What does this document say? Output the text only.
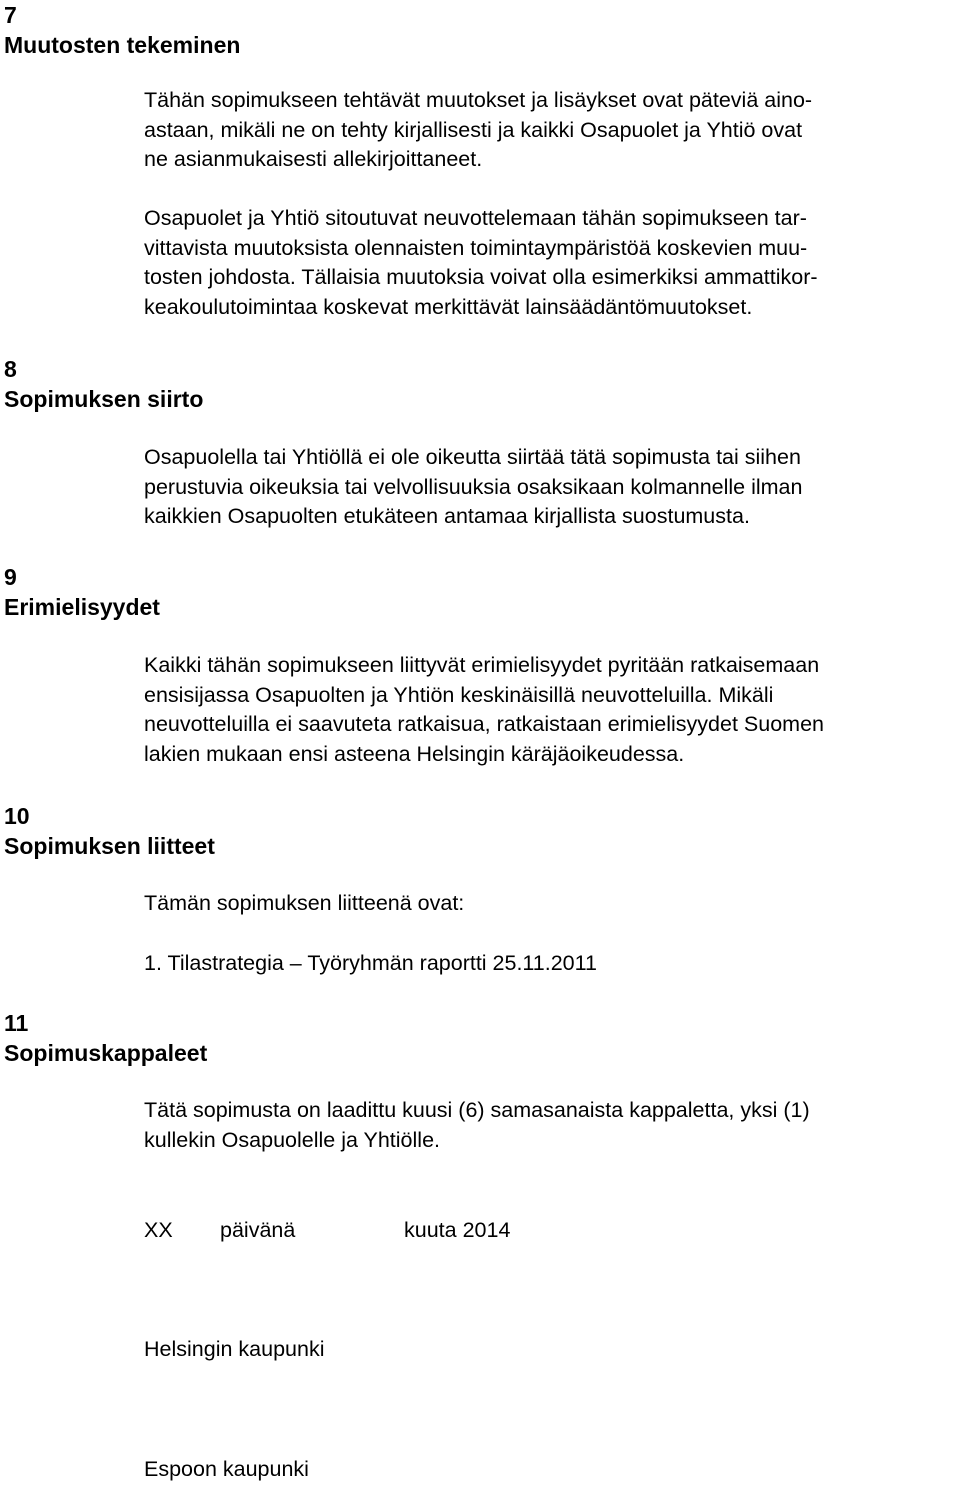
7
Muutosten tekeminen

Tähän sopimukseen tehtävät muutokset ja lisäykset ovat päteviä aino-
astaan, mikäli ne on tehty kirjallisesti ja kaikki Osapuolet ja Yhtiö ovat
ne asianmukaisesti allekirjoittaneet.

Osapuolet ja Yhtiö sitoutuvat neuvottelemaan tähän sopimukseen tar-
vittavista muutoksista olennaisten toimintaympäristöä koskevien muu-
tosten johdosta. Tällaisia muutoksia voivat olla esimerkiksi ammattikor-
keakoulutoimintaa koskevat merkittävät lainsäädäntömuutokset.

8
Sopimuksen siirto

Osapuolella tai Yhtiöllä ei ole oikeutta siirtää tätä sopimusta tai siihen
perustuvia oikeuksia tai velvollisuuksia osaksikaan kolmannelle ilman
kaikkien Osapuolten etukäteen antamaa kirjallista suostumusta.

9
Erimielisyydet

Kaikki tähän sopimukseen liittyvät erimielisyydet pyritään ratkaisemaan
ensisijassa Osapuolten ja Yhtiön keskinäisillä neuvotteluilla. Mikäli
neuvotteluilla ei saavuteta ratkaisua, ratkaistaan erimielisyydet Suomen
lakien mukaan ensi asteena Helsingin käräjäoikeudessa.

10
Sopimuksen liitteet

Tämän sopimuksen liitteenä ovat:

1. Tilastrategia – Työryhmän raportti 25.11.2011

11
Sopimuskappaleet

Tätä sopimusta on laadittu kuusi (6) samasanaista kappaletta, yksi (1)
kullekin Osapuolelle ja Yhtiölle.

XX päivänä	kuuta 2014

Helsingin kaupunki

Espoon kaupunki
